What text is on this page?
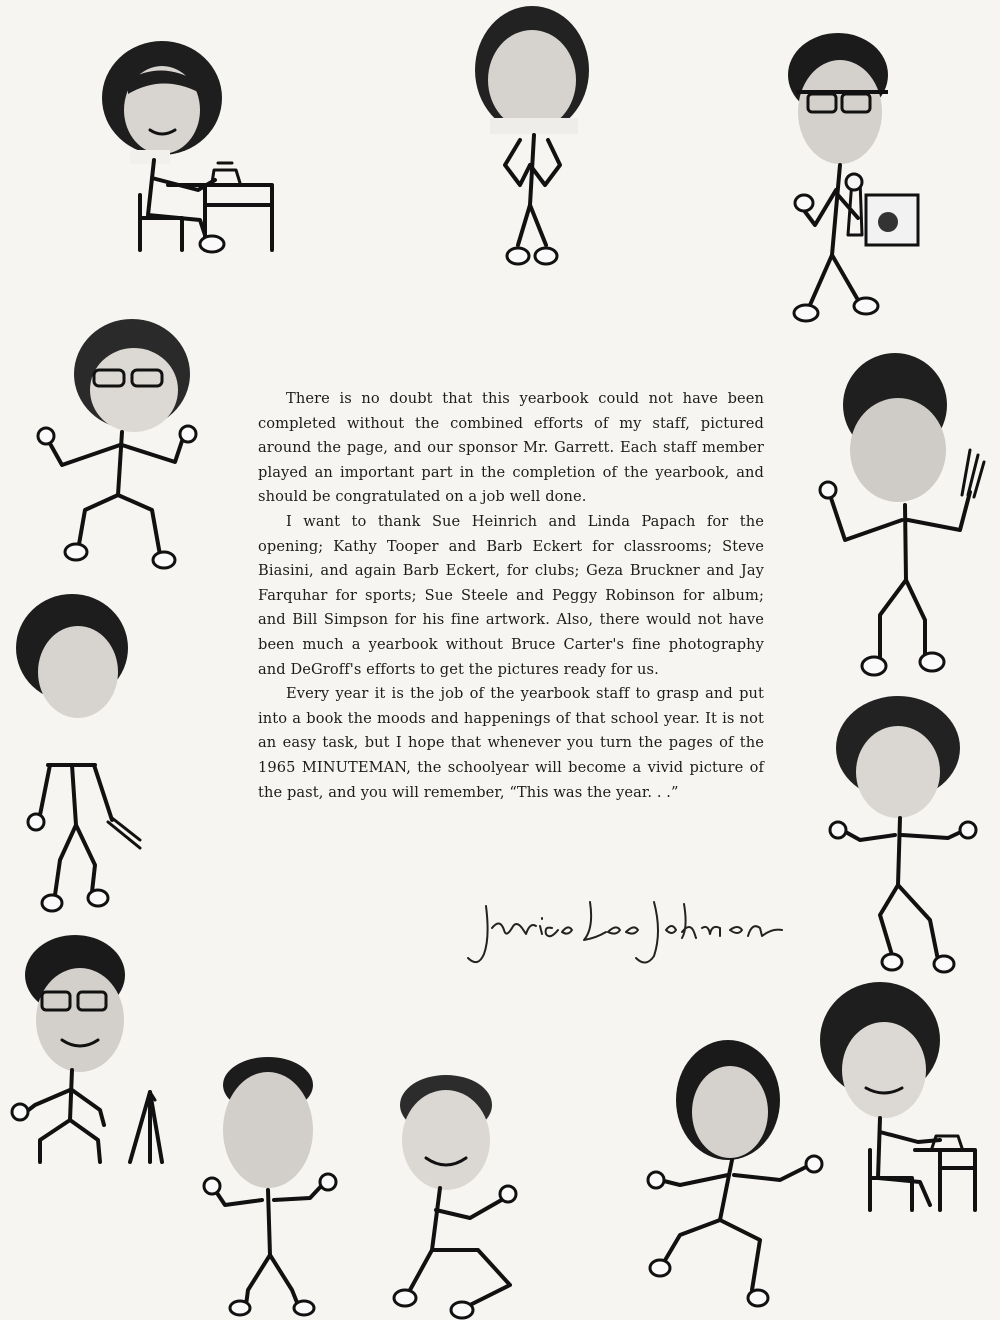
There is no doubt that this yearbook could not have been completed without the combined efforts of my staff, pictured around the page, and our sponsor Mr. Garrett. Each staff member played an important part in the completion of the yearbook, and should be congratulated on a job well done.

I want to thank Sue Heinrich and Linda Papach for the opening; Kathy Tooper and Barb Eckert for classrooms; Steve Biasini, and again Barb Eckert, for clubs; Geza Bruckner and Jay Farquhar for sports; Sue Steele and Peggy Robinson for album; and Bill Simpson for his fine artwork. Also, there would not have been much a yearbook without Bruce Carter's fine photography and DeGroff's efforts to get the pictures ready for us.

Every year it is the job of the yearbook staff to grasp and put into a book the moods and happenings of that school year. It is not an easy task, but I hope that whenever you turn the pages of the 1965 MINUTEMAN, the schoolyear will become a vivid picture of the past, and you will remember, “This was the year. . .”
